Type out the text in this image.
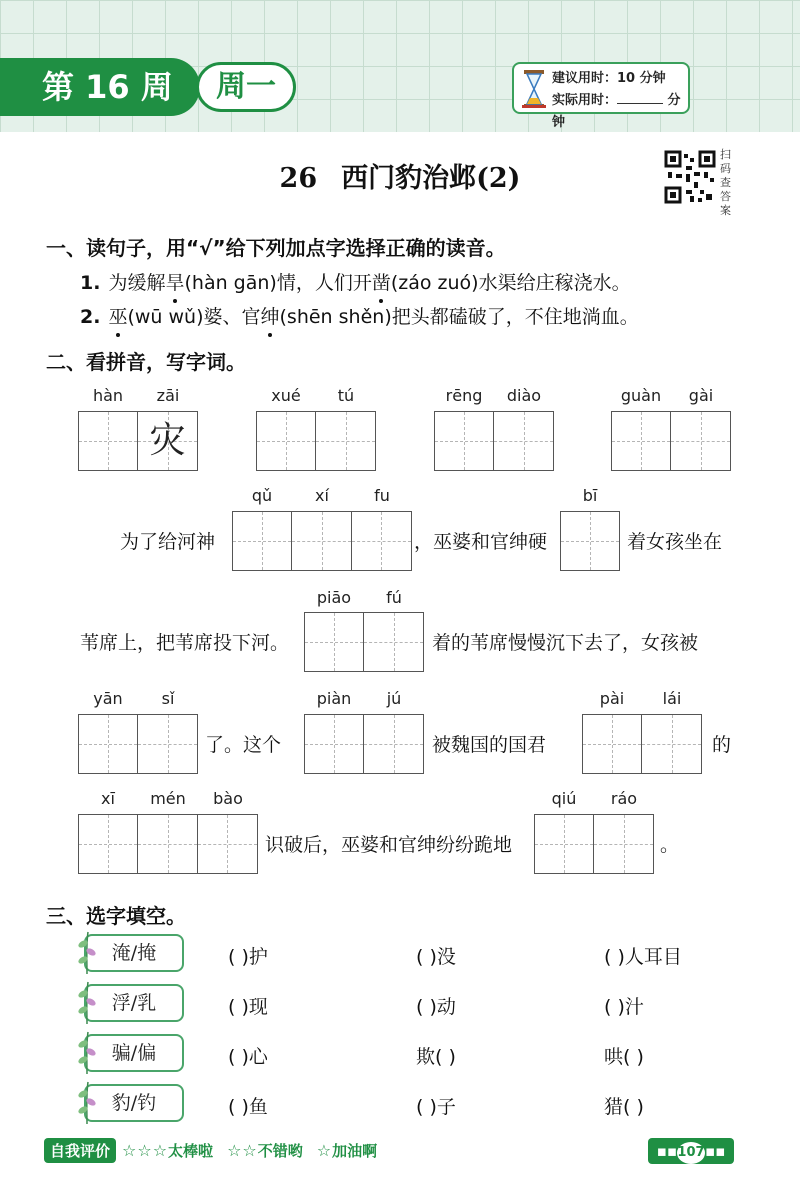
第 16 周	周一	建议用时：10 分钟
实际用时：	分钟
26 西门豹治邺(2)
扫码查答案
一、读句子，用“√”给下列加点字选择正确的读音。
1. 为缓解旱(hàn gān)情，人们开凿(záo zuó)水渠给庄稼浇水。
2. 巫(wū wǔ)婆、官绅(shēn shěn)把头都磕破了，不住地淌血。
二、看拼音，写字词。
hàn	zāi
灾
xué	tú	rēng	diào	guàn	gài
qǔ	xí	fu	bī
为了给河神	，巫婆和官绅硬	着女孩坐在
piāo	fú
苇席上，把苇席投下河。	着的苇席慢慢沉下去了，女孩被
yān	sǐ	piàn	jú	pài	lái
了。这个	被魏国的国君	的
xī	mén	bào	qiú	ráo
识破后，巫婆和官绅纷纷跪地	。
三、选字填空。
淹/掩	( )护	( )没	( )人耳目
浮/乳	( )现	( )动	( )汁
骗/偏	( )心	欺( )	哄( )
豹/钓	( )鱼	( )子	猎( )
自我评价 ☆☆☆ 太棒啦 ☆☆ 不错哟 ☆ 加油啊	▪▪107▪▪
